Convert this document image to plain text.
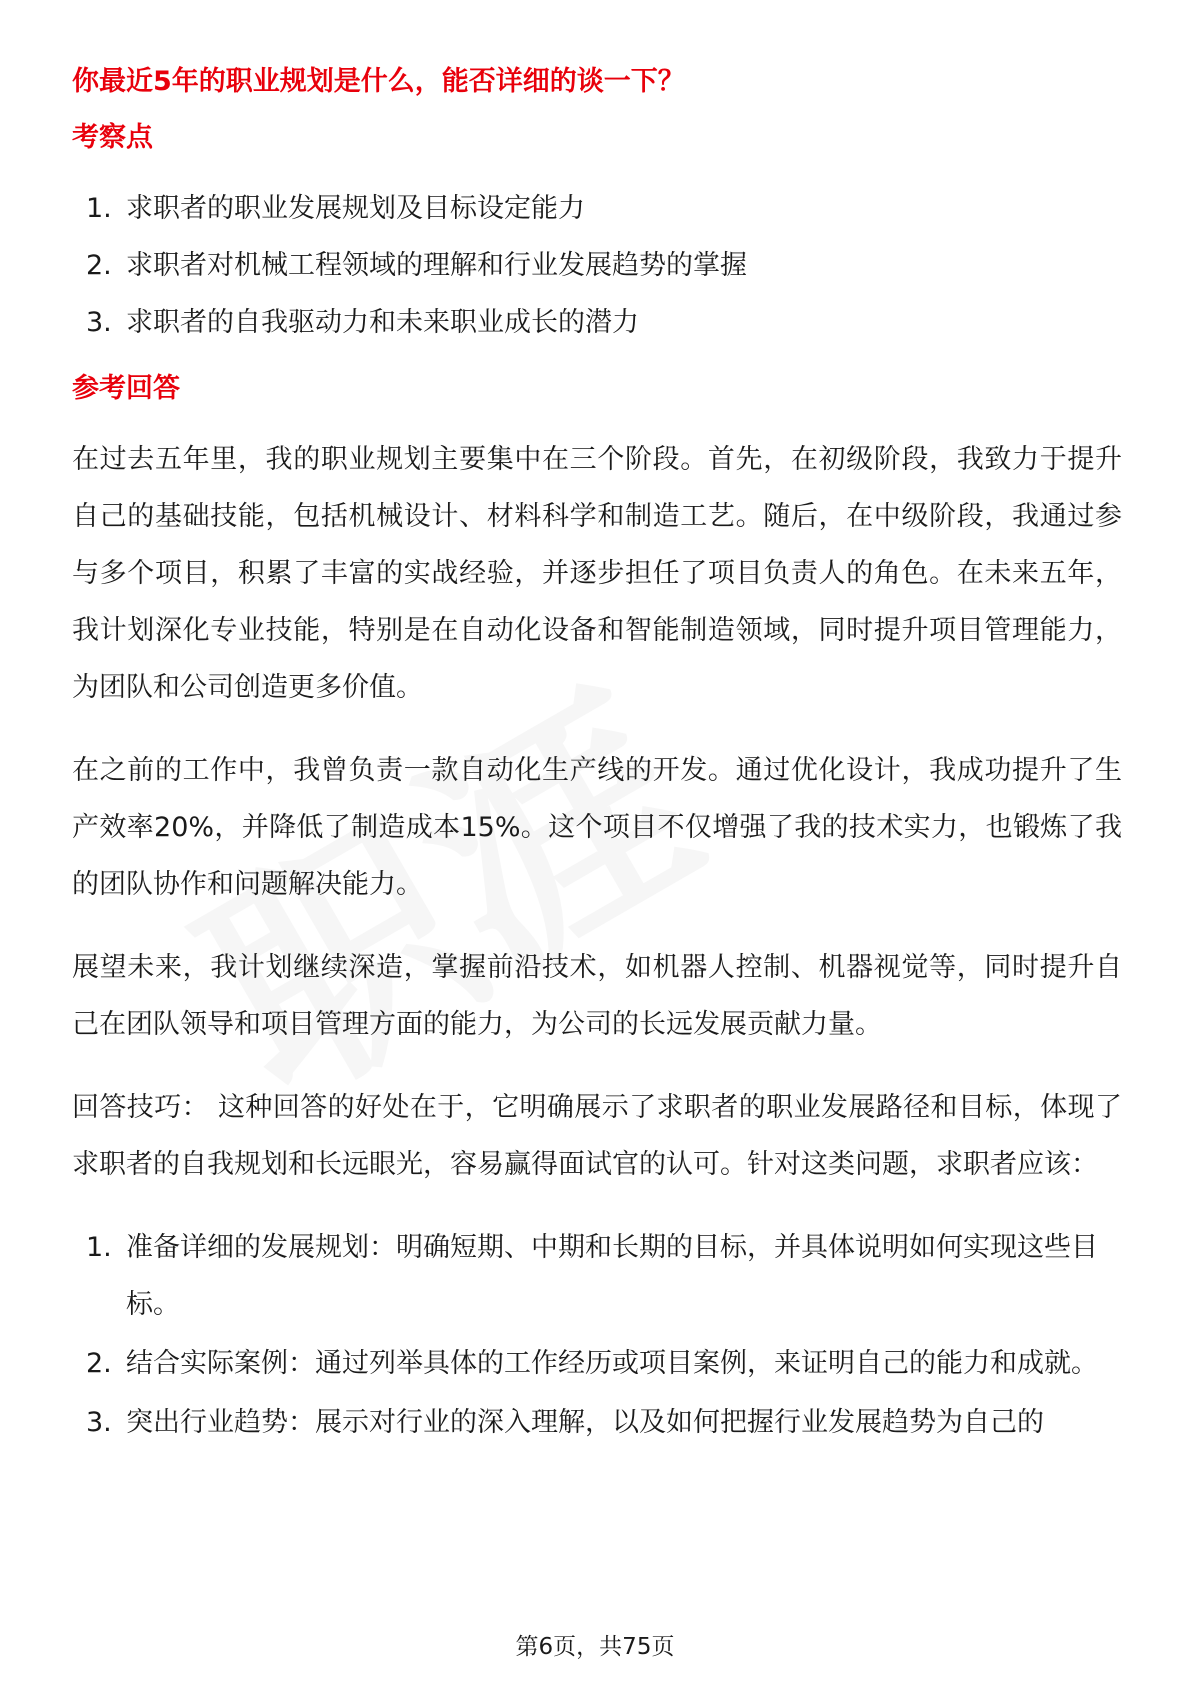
你最近5年的职业规划是什么，能否详细的谈一下？
考察点
1. 求职者的职业发展规划及目标设定能力
2. 求职者对机械工程领域的理解和行业发展趋势的掌握
3. 求职者的自我驱动力和未来职业成长的潜力
参考回答

在过去五年里，我的职业规划主要集中在三个阶段。首先，在初级阶段，我致力于提升自己的基础技能，包括机械设计、材料科学和制造工艺。随后，在中级阶段，我通过参与多个项目，积累了丰富的实战经验，并逐步担任了项目负责人的角色。在未来五年，我计划深化专业技能，特别是在自动化设备和智能制造领域，同时提升项目管理能力，为团队和公司创造更多价值。

在之前的工作中，我曾负责一款自动化生产线的开发。通过优化设计，我成功提升了生产效率20%，并降低了制造成本15%。这个项目不仅增强了我的技术实力，也锻炼了我的团队协作和问题解决能力。

展望未来，我计划继续深造，掌握前沿技术，如机器人控制、机器视觉等，同时提升自己在团队领导和项目管理方面的能力，为公司的长远发展贡献力量。

回答技巧： 这种回答的好处在于，它明确展示了求职者的职业发展路径和目标，体现了求职者的自我规划和长远眼光，容易赢得面试官的认可。针对这类问题，求职者应该：

1. 准备详细的发展规划：明确短期、中期和长期的目标，并具体说明如何实现这些目标。
2. 结合实际案例：通过列举具体的工作经历或项目案例，来证明自己的能力和成就。
3. 突出行业趋势：展示对行业的深入理解，以及如何把握行业发展趋势为自己的
第6页，共75页
